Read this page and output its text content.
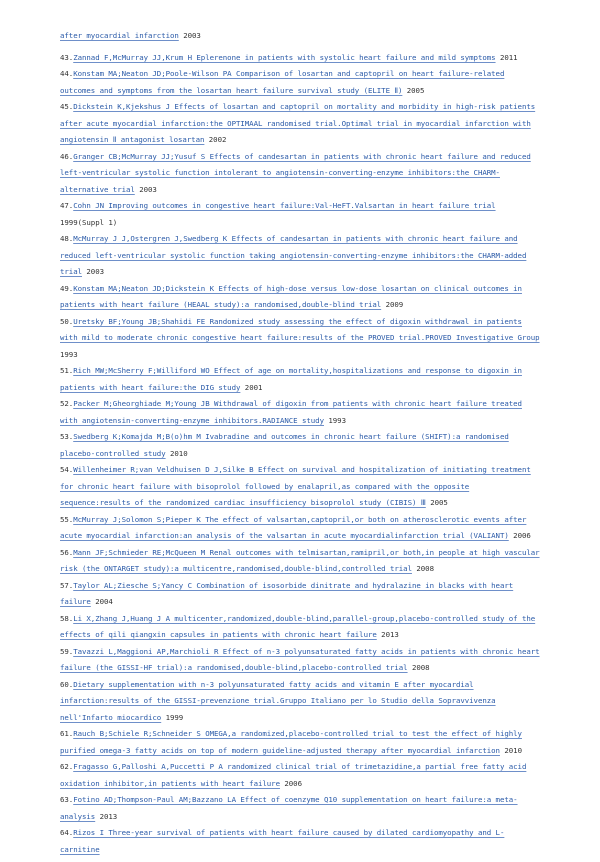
after myocardial infarction 2003

43.Zannad F,McMurray JJ,Krum H Eplerenone in patients with systolic heart failure and mild symptoms 2011

44.Konstam MA;Neaton JD;Poole-Wilson PA Comparison of losartan and captopril on heart failure-related outcomes and symptoms from the losartan heart failure survival study (ELITE Ⅱ) 2005

45.Dickstein K,Kjekshus J Effects of losartan and captopril on mortality and morbidity in high-risk patients after acute myocardial infarction:the OPTIMAAL randomised trial.Optimal trial in myocardial infarction with angiotensin Ⅱ antagonist losartan 2002

46.Granger CB;McMurray JJ;Yusuf S Effects of candesartan in patients with chronic heart failure and reduced left-ventricular systolic function intolerant to angiotensin-converting-enzyme inhibitors:the CHARM-alternative trial 2003

47.Cohn JN Improving outcomes in congestive heart failure:Val-HeFT.Valsartan in heart failure trial 1999(Suppl 1)

48.McMurray J J,Ostergren J,Swedberg K Effects of candesartan in patients with chronic heart failure and reduced left-ventricular systolic function taking angiotensin-converting-enzyme inhibitors:the CHARM-added trial 2003

49.Konstam MA;Neaton JD;Dickstein K Effects of high-dose versus low-dose losartan on clinical outcomes in patients with heart failure (HEAAL study):a randomised,double-blind trial 2009

50.Uretsky BF;Young JB;Shahidi FE Randomized study assessing the effect of digoxin withdrawal in patients with mild to moderate chronic congestive heart failure:results of the PROVED trial.PROVED Investigative Group 1993

51.Rich MW;McSherry F;Williford WO Effect of age on mortality,hospitalizations and response to digoxin in patients with heart failure:the DIG study 2001

52.Packer M;Gheorghiade M;Young JB Withdrawal of digoxin from patients with chronic heart failure treated with angiotensin-converting-enzyme inhibitors.RADIANCE study 1993

53.Swedberg K;Komajda M;B(o)hm M Ivabradine and outcomes in chronic heart failure (SHIFT):a randomised placebo-controlled study 2010

54.Willenheimer R;van Veldhuisen D J,Silke B Effect on survival and hospitalization of initiating treatment for chronic heart failure with bisoprolol followed by enalapril,as compared with the opposite sequence:results of the randomized cardiac insufficiency bisoprolol study (CIBIS) Ⅲ 2005

55.McMurray J;Solomon S;Pieper K The effect of valsartan,captopril,or both on atherosclerotic events after acute myocardial infarction:an analysis of the valsartan in acute myocardialinfarction trial (VALIANT) 2006

56.Mann JF;Schmieder RE;McQueen M Renal outcomes with telmisartan,ramipril,or both,in people at high vascular risk (the ONTARGET study):a multicentre,randomised,double-blind,controlled trial 2008

57.Taylor AL;Ziesche S;Yancy C Combination of isosorbide dinitrate and hydralazine in blacks with heart failure 2004

58.Li X,Zhang J,Huang J A multicenter,randomized,double-blind,parallel-group,placebo-controlled study of the effects of qili qiangxin capsules in patients with chronic heart failure 2013

59.Tavazzi L,Maggioni AP,Marchioli R Effect of n-3 polyunsaturated fatty acids in patients with chronic heart failure (the GISSI-HF trial):a randomised,double-blind,placebo-controlled trial 2008

60.Dietary supplementation with n-3 polyunsaturated fatty acids and vitamin E after myocardial infarction:results of the GISSI-prevenzione trial.Gruppo Italiano per lo Studio della Sopravvivenza nell'Infarto miocardico 1999

61.Rauch B;Schiele R;Schneider S OMEGA,a randomized,placebo-controlled trial to test the effect of highly purified omega-3 fatty acids on top of modern guideline-adjusted therapy after myocardial infarction 2010

62.Fragasso G,Palloshi A,Puccetti P A randomized clinical trial of trimetazidine,a partial free fatty acid oxidation inhibitor,in patients with heart failure 2006

63.Fotino AD;Thompson-Paul AM;Bazzano LA Effect of coenzyme Q10 supplementation on heart failure:a meta-analysis 2013

64.Rizos I Three-year survival of patients with heart failure caused by dilated cardiomyopathy and L-carnitine
